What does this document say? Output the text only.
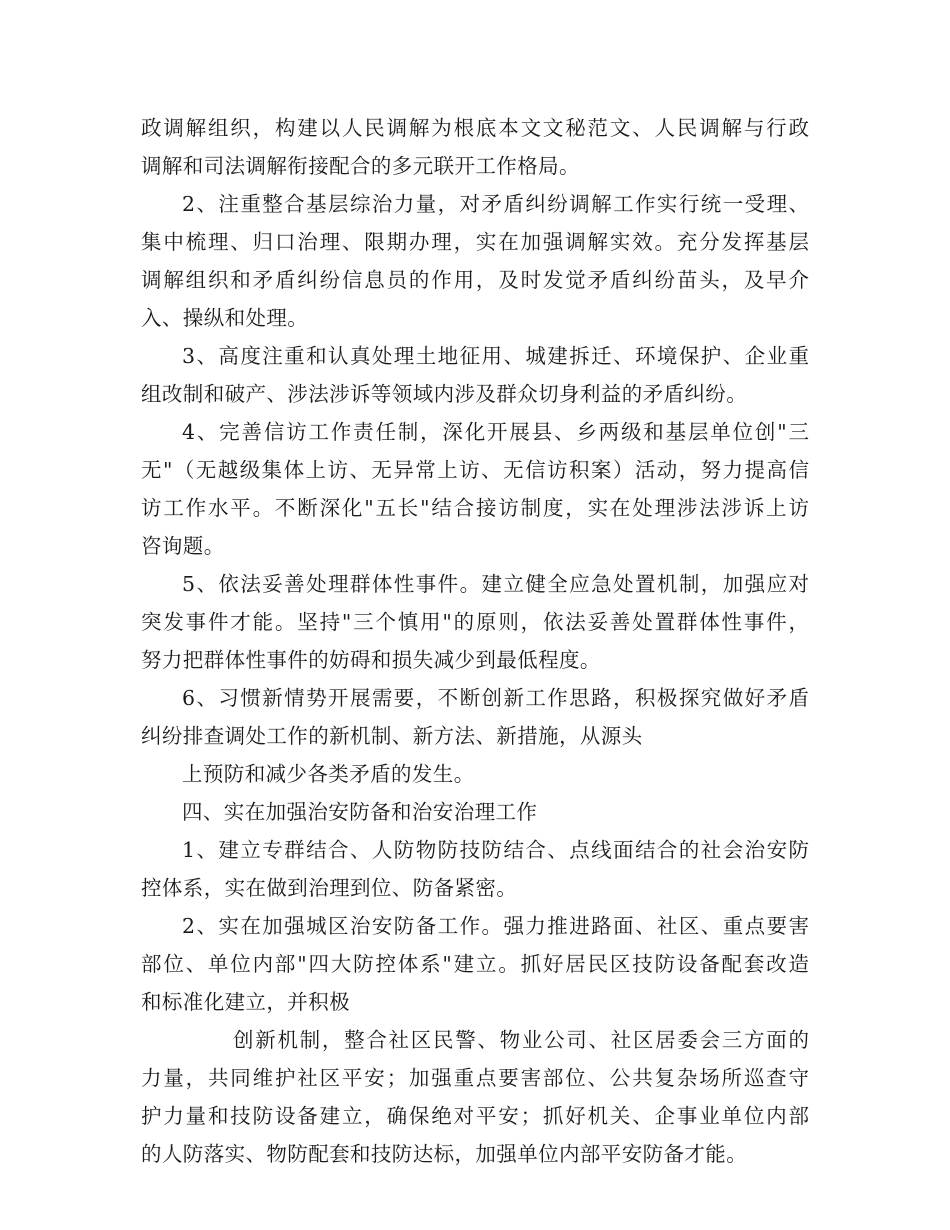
政调解组织，构建以人民调解为根底本文文秘范文、人民调解与行政
调解和司法调解衔接配合的多元联开工作格局。
2、注重整合基层综治力量，对矛盾纠纷调解工作实行统一受理、
集中梳理、归口治理、限期办理，实在加强调解实效。充分发挥基层
调解组织和矛盾纠纷信息员的作用，及时发觉矛盾纠纷苗头，及早介
入、操纵和处理。
3、高度注重和认真处理土地征用、城建拆迁、环境保护、企业重
组改制和破产、涉法涉诉等领域内涉及群众切身利益的矛盾纠纷。
4、完善信访工作责任制，深化开展县、乡两级和基层单位创"三
无"（无越级集体上访、无异常上访、无信访积案）活动，努力提高信
访工作水平。不断深化"五长"结合接访制度，实在处理涉法涉诉上访
咨询题。
5、依法妥善处理群体性事件。建立健全应急处置机制，加强应对
突发事件才能。坚持"三个慎用"的原则，依法妥善处置群体性事件，
努力把群体性事件的妨碍和损失减少到最低程度。
6、习惯新情势开展需要，不断创新工作思路，积极探究做好矛盾
纠纷排查调处工作的新机制、新方法、新措施，从源头
上预防和减少各类矛盾的发生。
四、实在加强治安防备和治安治理工作
1、建立专群结合、人防物防技防结合、点线面结合的社会治安防
控体系，实在做到治理到位、防备紧密。
2、实在加强城区治安防备工作。强力推进路面、社区、重点要害
部位、单位内部"四大防控体系"建立。抓好居民区技防设备配套改造
和标准化建立，并积极
创新机制，整合社区民警、物业公司、社区居委会三方面的
力量，共同维护社区平安；加强重点要害部位、公共复杂场所巡查守
护力量和技防设备建立，确保绝对平安；抓好机关、企事业单位内部
的人防落实、物防配套和技防达标，加强单位内部平安防备才能。
